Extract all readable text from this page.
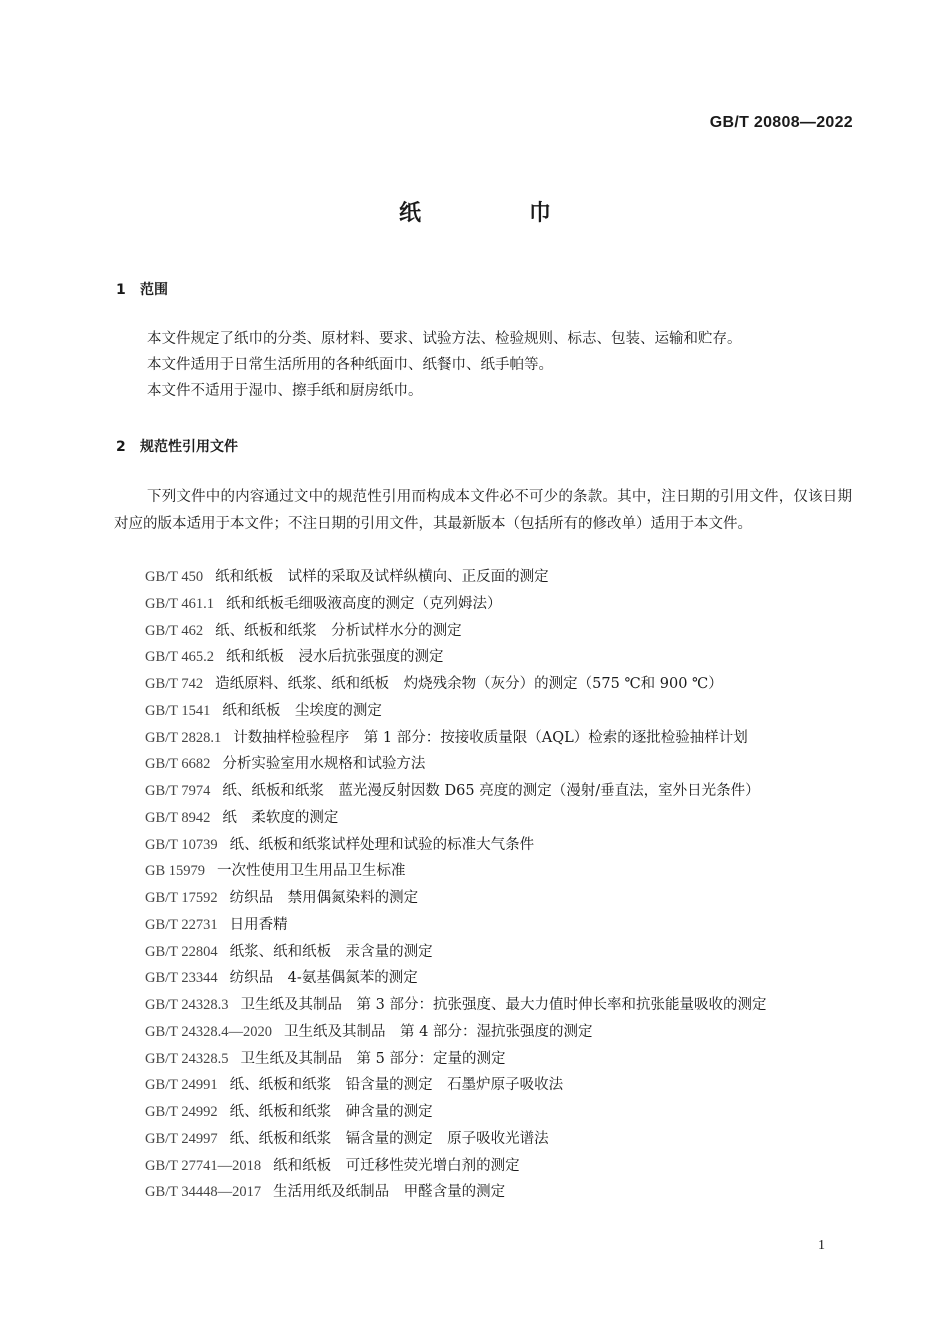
GB/T 20808—2022
纸巾
1 范围

本文件规定了纸巾的分类、原材料、要求、试验方法、检验规则、标志、包装、运输和贮存。

本文件适用于日常生活所用的各种纸面巾、纸餐巾、纸手帕等。

本文件不适用于湿巾、擦手纸和厨房纸巾。

2 规范性引用文件

下列文件中的内容通过文中的规范性引用而构成本文件必不可少的条款。其中，注日期的引用文件，仅该日期对应的版本适用于本文件；不注日期的引用文件，其最新版本（包括所有的修改单）适用于本文件。

GB/T 450 纸和纸板　试样的采取及试样纵横向、正反面的测定
GB/T 461.1 纸和纸板毛细吸液高度的测定（克列姆法）
GB/T 462 纸、纸板和纸浆　分析试样水分的测定
GB/T 465.2 纸和纸板　浸水后抗张强度的测定
GB/T 742 造纸原料、纸浆、纸和纸板　灼烧残余物（灰分）的测定（575 ℃和 900 ℃）
GB/T 1541 纸和纸板　尘埃度的测定
GB/T 2828.1 计数抽样检验程序　第 1 部分：按接收质量限（AQL）检索的逐批检验抽样计划
GB/T 6682 分析实验室用水规格和试验方法
GB/T 7974 纸、纸板和纸浆　蓝光漫反射因数 D65 亮度的测定（漫射/垂直法，室外日光条件）
GB/T 8942 纸　柔软度的测定
GB/T 10739 纸、纸板和纸浆试样处理和试验的标准大气条件
GB 15979 一次性使用卫生用品卫生标准
GB/T 17592 纺织品　禁用偶氮染料的测定
GB/T 22731 日用香精
GB/T 22804 纸浆、纸和纸板　汞含量的测定
GB/T 23344 纺织品　4-氨基偶氮苯的测定
GB/T 24328.3 卫生纸及其制品　第 3 部分：抗张强度、最大力值时伸长率和抗张能量吸收的测定
GB/T 24328.4—2020 卫生纸及其制品　第 4 部分：湿抗张强度的测定
GB/T 24328.5 卫生纸及其制品　第 5 部分：定量的测定
GB/T 24991 纸、纸板和纸浆　铅含量的测定　石墨炉原子吸收法
GB/T 24992 纸、纸板和纸浆　砷含量的测定
GB/T 24997 纸、纸板和纸浆　镉含量的测定　原子吸收光谱法
GB/T 27741—2018 纸和纸板　可迁移性荧光增白剂的测定
GB/T 34448—2017 生活用纸及纸制品　甲醛含量的测定
1
